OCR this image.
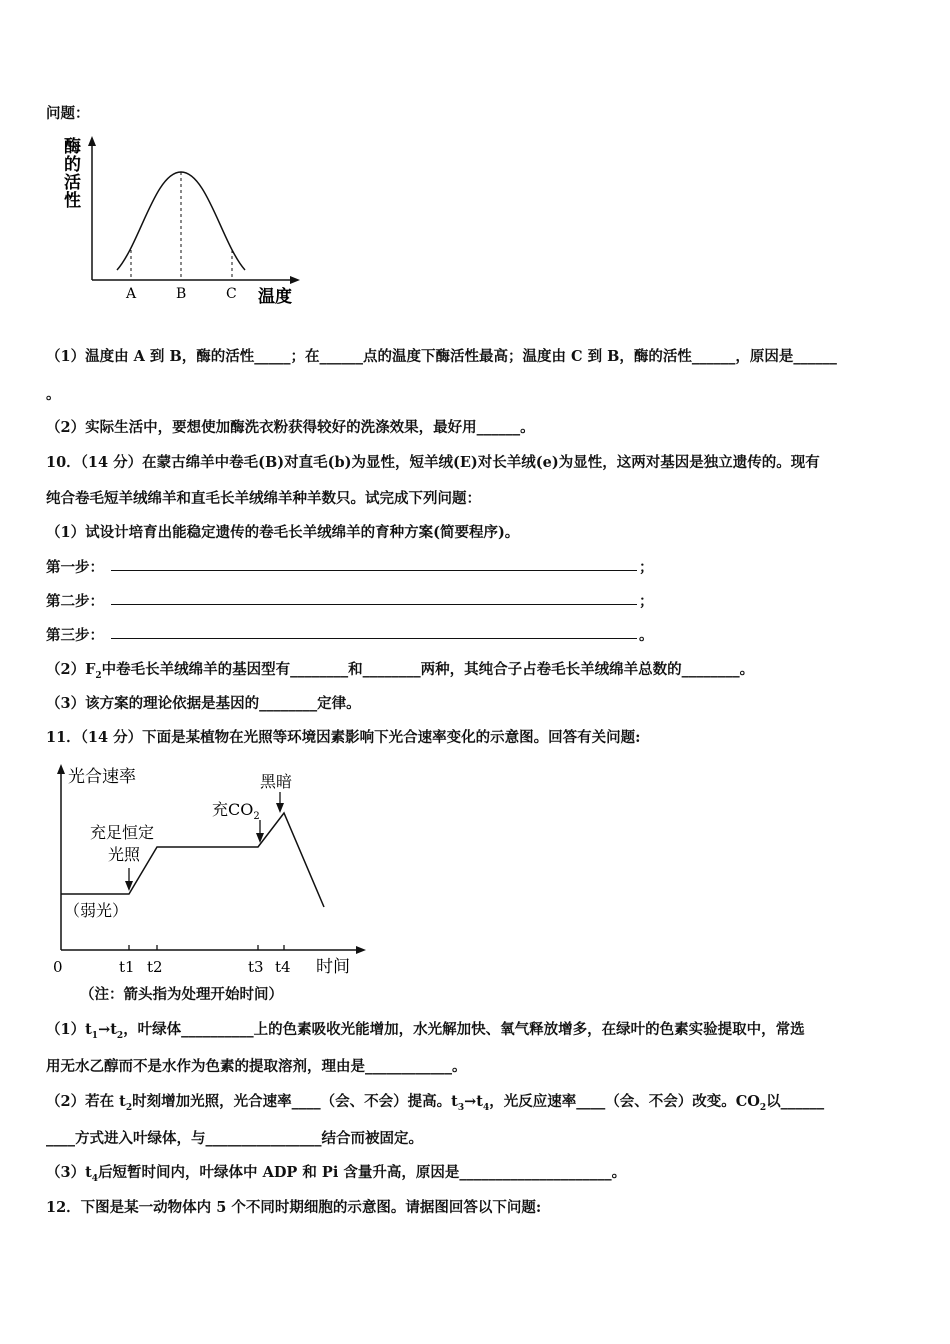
问题：
酶
的
活
性
A	B	C 温度
（1）温度由 A 到 B，酶的活性_____；在______点的温度下酶活性最高；温度由 C 到 B，酶的活性______，原因是______
。
（2）实际生活中，要想使加酶洗衣粉获得较好的洗涤效果，最好用______。
10．（14 分）在蒙古绵羊中卷毛(B)对直毛(b)为显性，短羊绒(E)对长羊绒(e)为显性，这两对基因是独立遗传的。现有
纯合卷毛短羊绒绵羊和直毛长羊绒绵羊种羊数只。试完成下列问题：
（1）试设计培育出能稳定遗传的卷毛长羊绒绵羊的育种方案(简要程序)。
第一步：	；
第二步：	；
第三步：	。
$(2)F_2$中卷毛长羊绒绵羊的基因型有________和________两种，其纯合子占卷毛长羊绒绵羊总数的________。
（3）该方案的理论依据是基因的________定律。
11．（14 分）下面是某植物在光照等环境因素影响下光合速率变化的示意图。回答有关问题:
光合速率
（弱光）
充足恒定
光照
充$CO_2$
黑暗
0	t1 t2	t3 t4 时间
（注：箭头指为处理开始时间）
$(1)t_1\to t_2$，叶绿体__________上的色素吸收光能增加，水光解加快、氧气释放增多，在绿叶的色素实验提取中，常选
用无水乙醇而不是水作为色素的提取溶剂，理由是____________。
（2）若在 $t_2$时刻增加光照，光合速率____（会、不会）提高。$t_3\to t_4$，光反应速率____（会、不会）改变。$CO_2$以______
____方式进入叶绿体，与________________结合而被固定。
$(3)t_4$后短暂时间内，叶绿体中 ADP 和 Pi 含量升高，原因是_____________________。
12．下图是某一动物体内 5 个不同时期细胞的示意图。请据图回答以下问题:
